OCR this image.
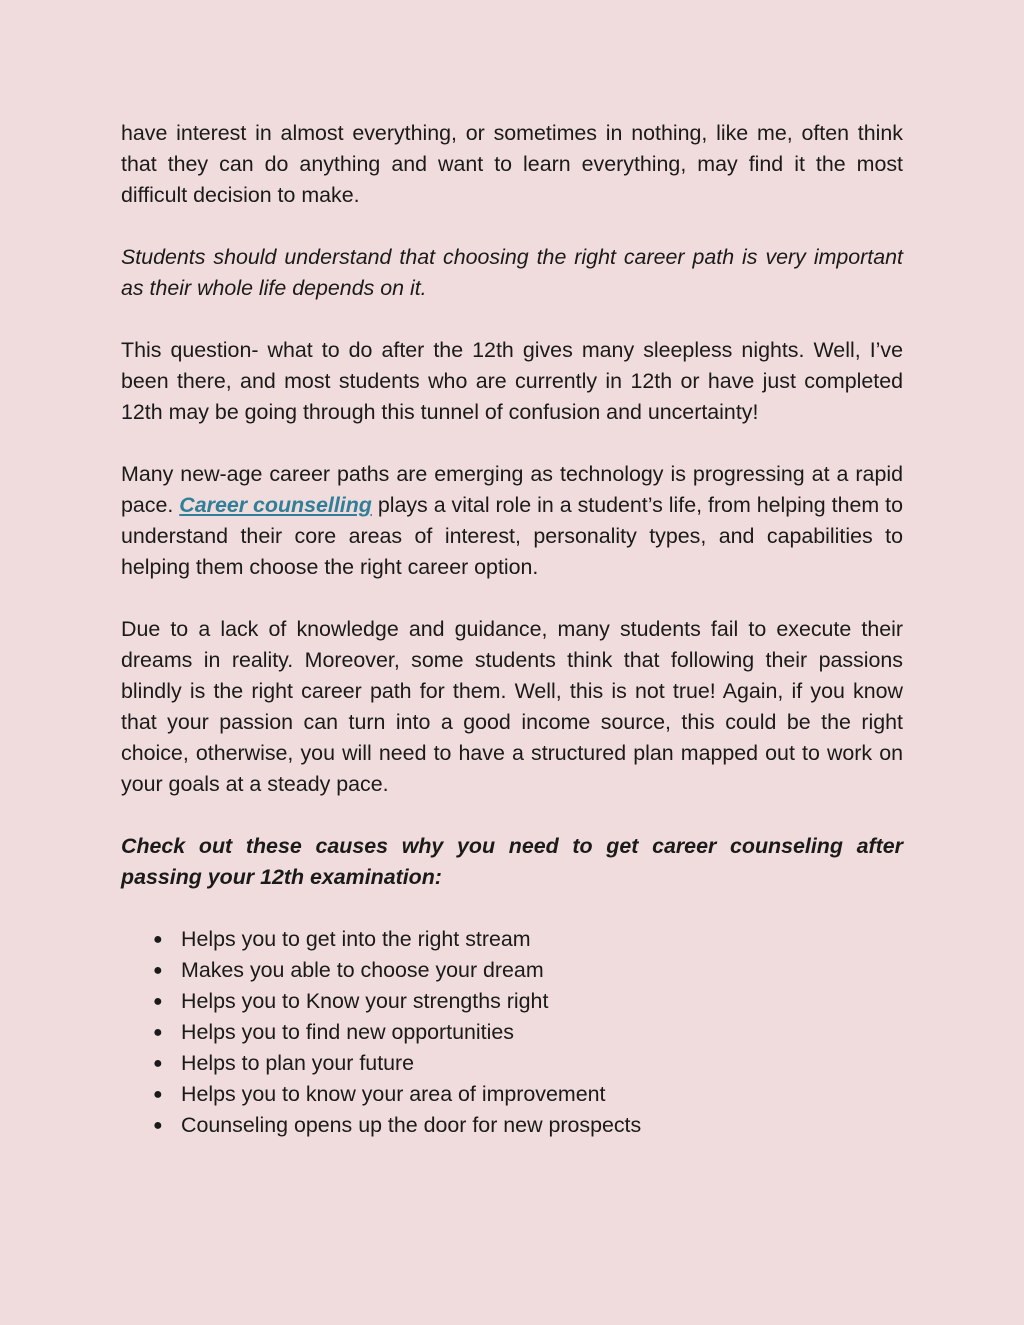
have interest in almost everything, or sometimes in nothing, like me, often think that they can do anything and want to learn everything, may find it the most difficult decision to make.

Students should understand that choosing the right career path is very important as their whole life depends on it.

This question- what to do after the 12th gives many sleepless nights. Well, I’ve been there, and most students who are currently in 12th or have just completed 12th may be going through this tunnel of confusion and uncertainty!

Many new-age career paths are emerging as technology is progressing at a rapid pace. Career counselling plays a vital role in a student’s life, from helping them to understand their core areas of interest, personality types, and capabilities to helping them choose the right career option.

Due to a lack of knowledge and guidance, many students fail to execute their dreams in reality. Moreover, some students think that following their passions blindly is the right career path for them. Well, this is not true! Again, if you know that your passion can turn into a good income source, this could be the right choice, otherwise, you will need to have a structured plan mapped out to work on your goals at a steady pace.

Check out these causes why you need to get career counseling after passing your 12th examination:

● Helps you to get into the right stream
● Makes you able to choose your dream
● Helps you to Know your strengths right
● Helps you to find new opportunities
● Helps to plan your future
● Helps you to know your area of improvement
● Counseling opens up the door for new prospects
